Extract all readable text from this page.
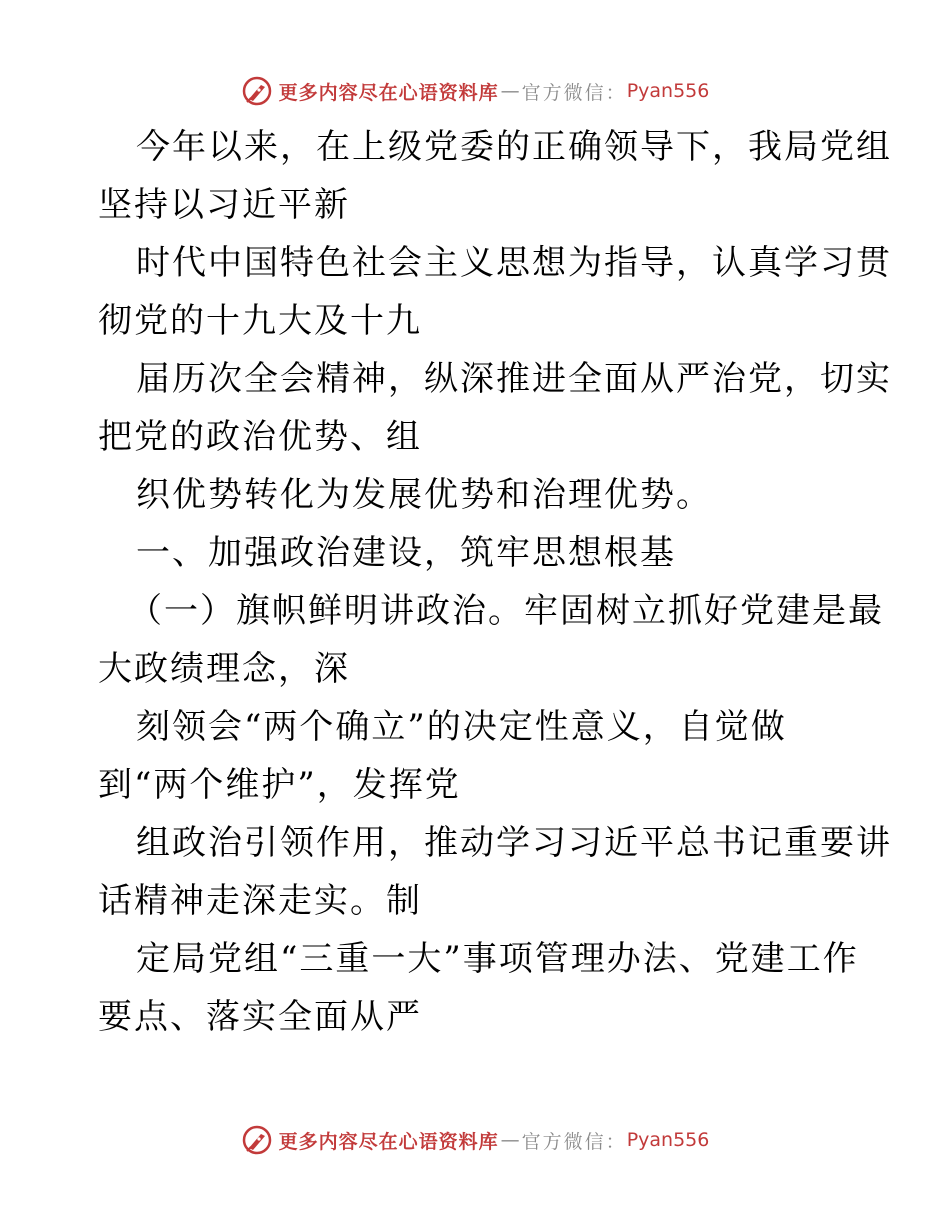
更多内容尽在心语资料库 — 官方微信： Pyan556
今年以来，在上级党委的正确领导下，我局党组
坚持以习近平新
时代中国特色社会主义思想为指导，认真学习贯
彻党的十九大及十九
届历次全会精神，纵深推进全面从严治党，切实
把党的政治优势、组
织优势转化为发展优势和治理优势。
一、加强政治建设，筑牢思想根基
（一）旗帜鲜明讲政治。牢固树立抓好党建是最
大政绩理念，深
刻领会“两个确立”的决定性意义，自觉做
到“两个维护”，发挥党
组政治引领作用，推动学习习近平总书记重要讲
话精神走深走实。制
定局党组“三重一大”事项管理办法、党建工作
要点、落实全面从严
更多内容尽在心语资料库 — 官方微信： Pyan556
